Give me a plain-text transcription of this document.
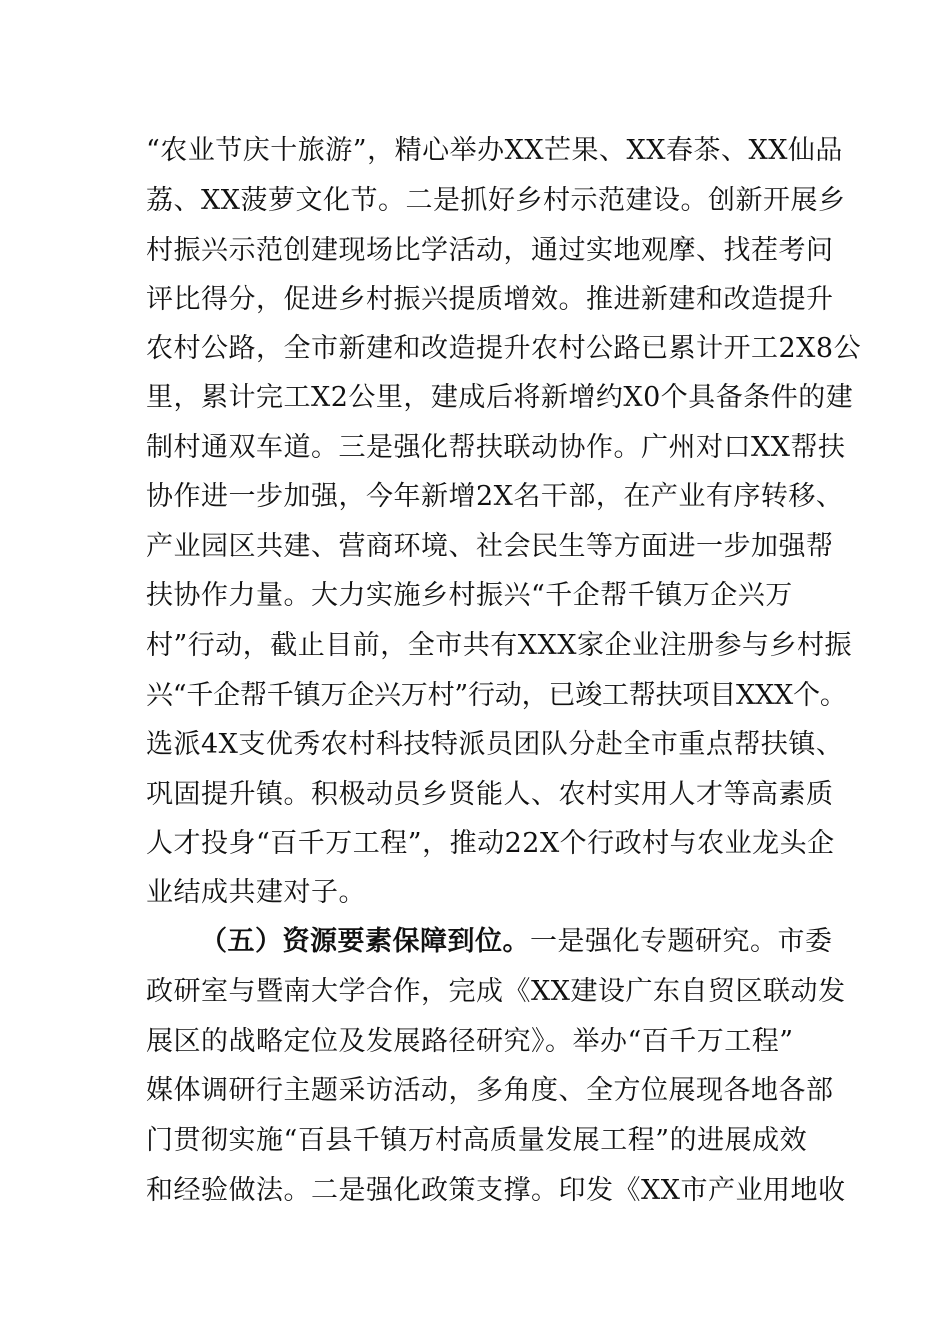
“农业节庆十旅游”，精心举办XX芒果、XX春茶、XX仙品
荔、XX菠萝文化节。二是抓好乡村示范建设。创新开展乡
村振兴示范创建现场比学活动，通过实地观摩、找茬考问
评比得分，促进乡村振兴提质增效。推进新建和改造提升
农村公路，全市新建和改造提升农村公路已累计开工2X8公
里，累计完工X2公里，建成后将新增约X0个具备条件的建
制村通双车道。三是强化帮扶联动协作。广州对口XX帮扶
协作进一步加强，今年新增2X名干部，在产业有序转移、
产业园区共建、营商环境、社会民生等方面进一步加强帮
扶协作力量。大力实施乡村振兴“千企帮千镇万企兴万
村”行动，截止目前，全市共有XXX家企业注册参与乡村振
兴“千企帮千镇万企兴万村”行动，已竣工帮扶项目XXX个。
选派4X支优秀农村科技特派员团队分赴全市重点帮扶镇、
巩固提升镇。积极动员乡贤能人、农村实用人才等高素质
人才投身“百千万工程”，推动22X个行政村与农业龙头企
业结成共建对子。
（五）资源要素保障到位。一是强化专题研究。市委
政研室与暨南大学合作，完成《XX建设广东自贸区联动发
展区的战略定位及发展路径研究》。举办“百千万工程”
媒体调研行主题采访活动，多角度、全方位展现各地各部
门贯彻实施“百县千镇万村高质量发展工程”的进展成效
和经验做法。二是强化政策支撑。印发《XX市产业用地收
